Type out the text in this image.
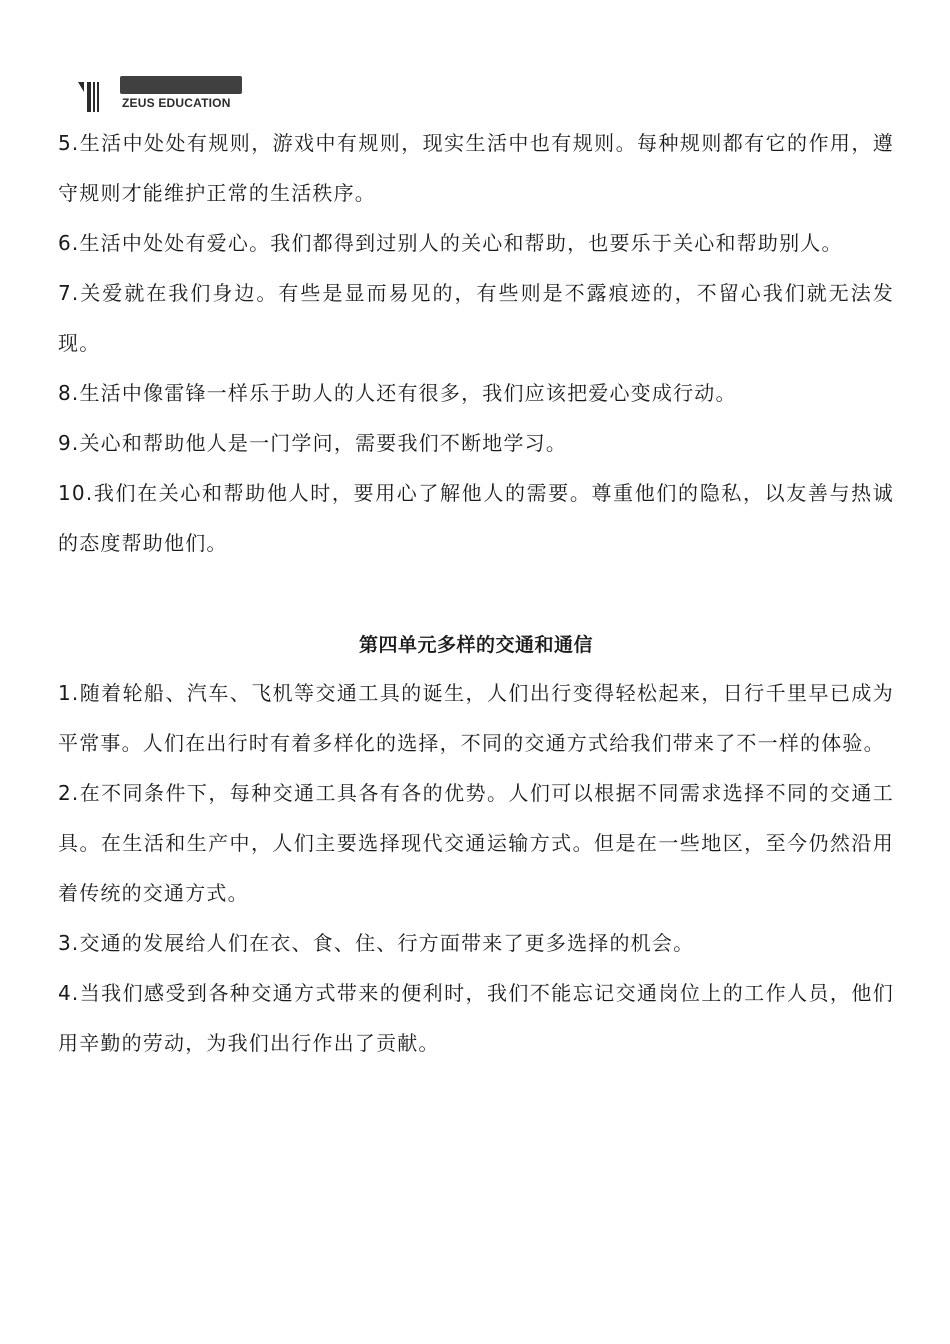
ZEUS EDUCATION

5.生活中处处有规则，游戏中有规则，现实生活中也有规则。每种规则都有它的作用，遵守规则才能维护正常的生活秩序。

6.生活中处处有爱心。我们都得到过别人的关心和帮助，也要乐于关心和帮助别人。

7.关爱就在我们身边。有些是显而易见的，有些则是不露痕迹的，不留心我们就无法发现。

8.生活中像雷锋一样乐于助人的人还有很多，我们应该把爱心变成行动。

9.关心和帮助他人是一门学问，需要我们不断地学习。

10.我们在关心和帮助他人时，要用心了解他人的需要。尊重他们的隐私，以友善与热诚的态度帮助他们。

第四单元多样的交通和通信

1.随着轮船、汽车、飞机等交通工具的诞生，人们出行变得轻松起来，日行千里早已成为平常事。人们在出行时有着多样化的选择，不同的交通方式给我们带来了不一样的体验。

2.在不同条件下，每种交通工具各有各的优势。人们可以根据不同需求选择不同的交通工具。在生活和生产中，人们主要选择现代交通运输方式。但是在一些地区，至今仍然沿用着传统的交通方式。

3.交通的发展给人们在衣、食、住、行方面带来了更多选择的机会。

4.当我们感受到各种交通方式带来的便利时，我们不能忘记交通岗位上的工作人员，他们用辛勤的劳动，为我们出行作出了贡献。
